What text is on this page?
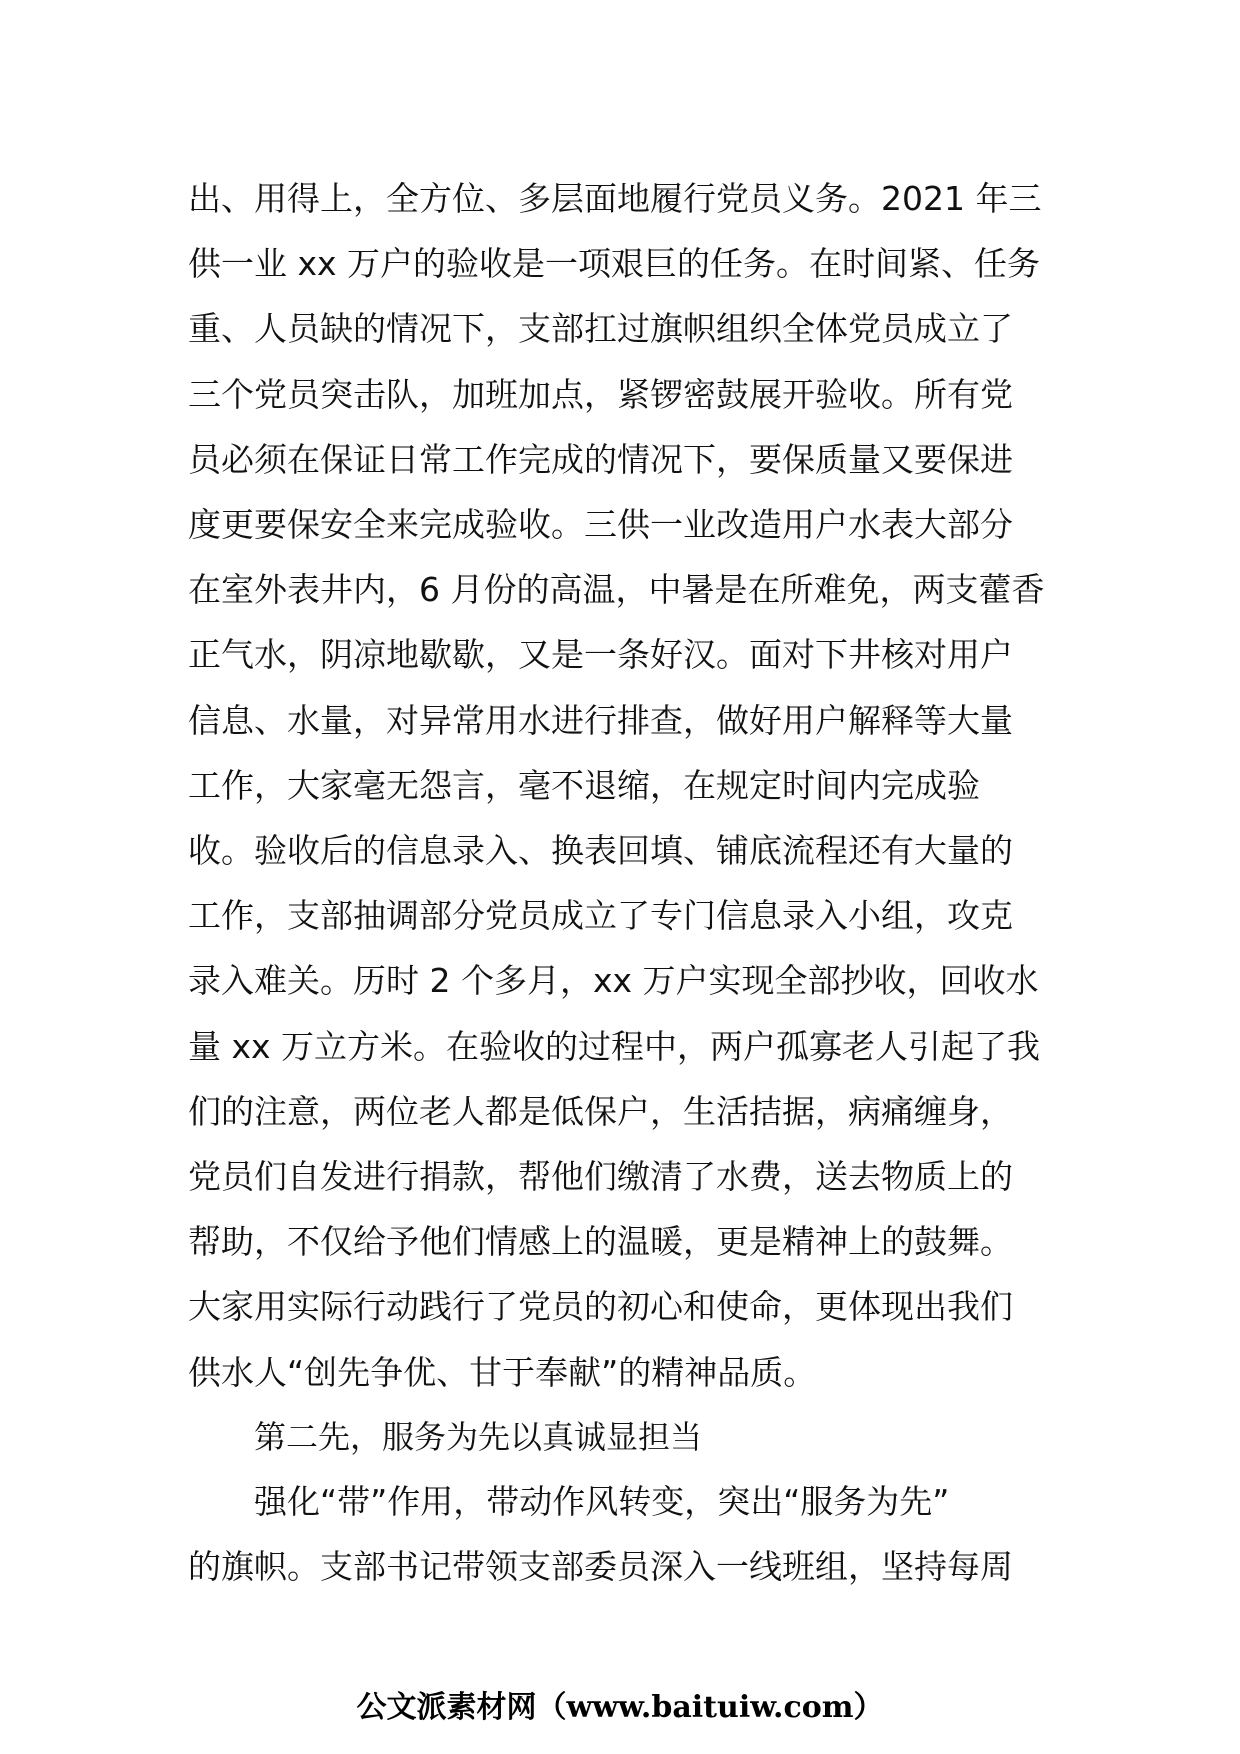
出、用得上，全方位、多层面地履行党员义务。2021 年三
供一业 xx 万户的验收是一项艰巨的任务。在时间紧、任务
重、人员缺的情况下，支部扛过旗帜组织全体党员成立了
三个党员突击队，加班加点，紧锣密鼓展开验收。所有党
员必须在保证日常工作完成的情况下，要保质量又要保进
度更要保安全来完成验收。三供一业改造用户水表大部分
在室外表井内，6 月份的高温，中暑是在所难免，两支藿香
正气水，阴凉地歇歇，又是一条好汉。面对下井核对用户
信息、水量，对异常用水进行排查，做好用户解释等大量
工作，大家毫无怨言，毫不退缩，在规定时间内完成验
收。验收后的信息录入、换表回填、铺底流程还有大量的
工作，支部抽调部分党员成立了专门信息录入小组，攻克
录入难关。历时 2 个多月，xx 万户实现全部抄收，回收水
量 xx 万立方米。在验收的过程中，两户孤寡老人引起了我
们的注意，两位老人都是低保户，生活拮据，病痛缠身，
党员们自发进行捐款，帮他们缴清了水费，送去物质上的
帮助，不仅给予他们情感上的温暖，更是精神上的鼓舞。
大家用实际行动践行了党员的初心和使命，更体现出我们
供水人“创先争优、甘于奉献”的精神品质。

第二先，服务为先以真诚显担当

强化“带”作用，带动作风转变，突出“服务为先”
的旗帜。支部书记带领支部委员深入一线班组，坚持每周

公文派素材网（www.baituiw.com）
